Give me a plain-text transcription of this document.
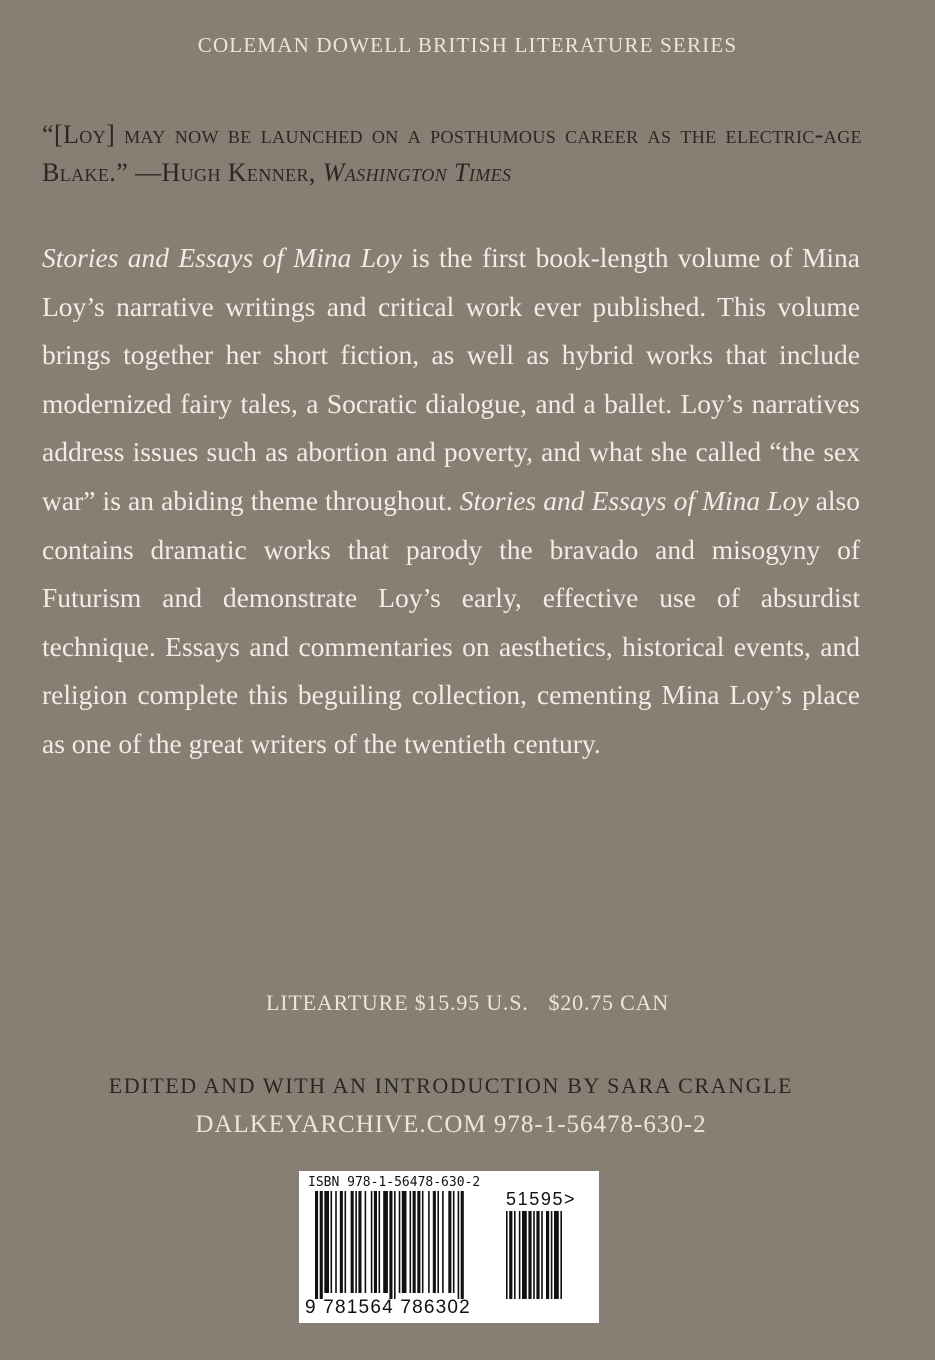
COLEMAN DOWELL BRITISH LITERATURE SERIES
“[Loy] may now be launched on a posthumous career as the electric-age Blake.” —Hugh Kenner, Washington Times
Stories and Essays of Mina Loy is the first book-length volume of Mina Loy’s narrative writings and critical work ever published. This volume brings together her short fiction, as well as hybrid works that include modernized fairy tales, a Socratic dialogue, and a ballet. Loy’s narratives address issues such as abortion and poverty, and what she called “the sex war” is an abiding theme throughout. Stories and Essays of Mina Loy also contains dramatic works that parody the bravado and misogyny of Futurism and demonstrate Loy’s early, effective use of absurdist technique. Essays and commentaries on aesthetics, historical events, and religion complete this beguiling collection, cementing Mina Loy’s place as one of the great writers of the twentieth century.
LITEARTURE $15.95 U.S. $20.75 CAN
EDITED AND WITH AN INTRODUCTION BY SARA CRANGLE
DALKEYARCHIVE.COM 978-1-56478-630-2
ISBN 978-1-56478-630-2
9 781564 786302
51595>
